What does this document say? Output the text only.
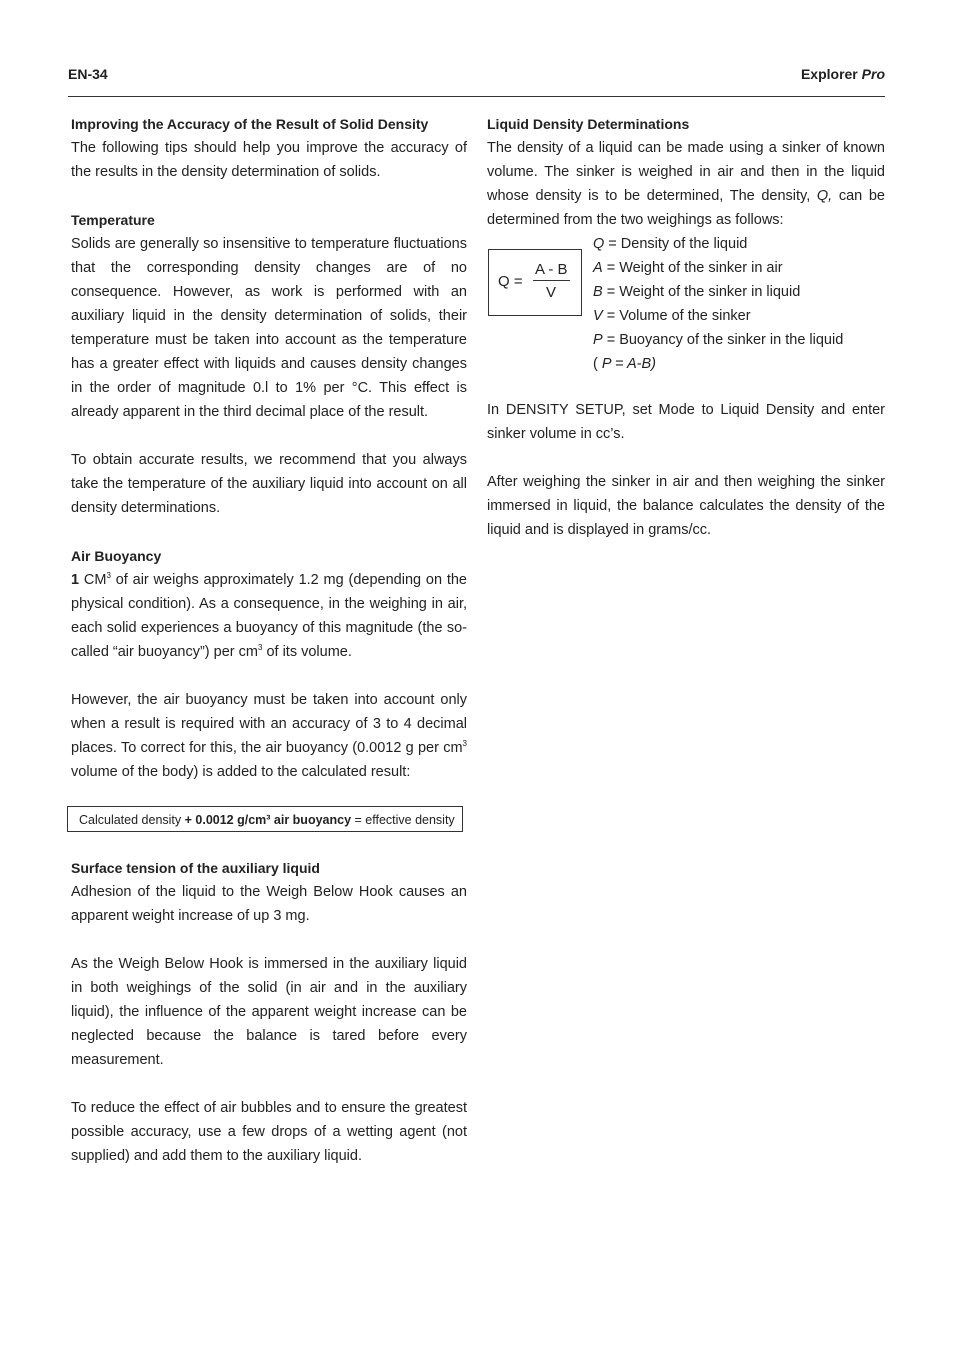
EN-34	Explorer Pro
Improving the Accuracy of the Result of Solid Density

The following tips should help you improve the accuracy of the results in the density determination of solids.

Temperature

Solids are generally so insensitive to temperature fluctuations that the corresponding density changes are of no consequence. However, as work is performed with an auxiliary liquid in the density determination of solids, their temperature must be taken into account as the temperature has a greater effect with liquids and causes density changes in the order of magnitude 0.l to 1% per °C. This effect is already apparent in the third decimal place of the result.

To obtain accurate results, we recommend that you always take the temperature of the auxiliary liquid into account on all density determinations.

Air Buoyancy

1 $CM^3$ of air weighs approximately 1.2 mg (depending on the physical condition). As a consequence, in the weighing in air, each solid experiences a buoyancy of this magnitude (the so-called “air buoyancy”) per $cm^3$ of its volume.

However, the air buoyancy must be taken into account only when a result is required with an accuracy of 3 to 4 decimal places. To correct for this, the air buoyancy (0.0012 g per $cm^3$ volume of the body) is added to the calculated result:

Calculated density + 0.0012 g/cm³ air buoyancy = effective density
Surface tension of the auxiliary liquid

Adhesion of the liquid to the Weigh Below Hook causes an apparent weight increase of up 3 mg.

As the Weigh Below Hook is immersed in the auxiliary liquid in both weighings of the solid (in air and in the auxiliary liquid), the influence of the apparent weight increase can be neglected because the balance is tared before every measurement.

To reduce the effect of air bubbles and to ensure the greatest possible accuracy, use a few drops of a wetting agent (not supplied) and add them to the auxiliary liquid.

Liquid Density Determinations

The density of a liquid can be made using a sinker of known volume. The sinker is weighed in air and then in the liquid whose density is to be determined, The density, Q, can be determined from the two weighings as follows:

Q =
A - B
V
Q = Density of the liquid
A = Weight of the sinker in air
B = Weight of the sinker in liquid
V = Volume of the sinker
P = Buoyancy of the sinker in the liquid
( P = A-B)

In DENSITY SETUP, set Mode to Liquid Density and enter sinker volume in cc’s.

After weighing the sinker in air and then weighing the sinker immersed in liquid, the balance calculates the density of the liquid and is displayed in grams/cc.
